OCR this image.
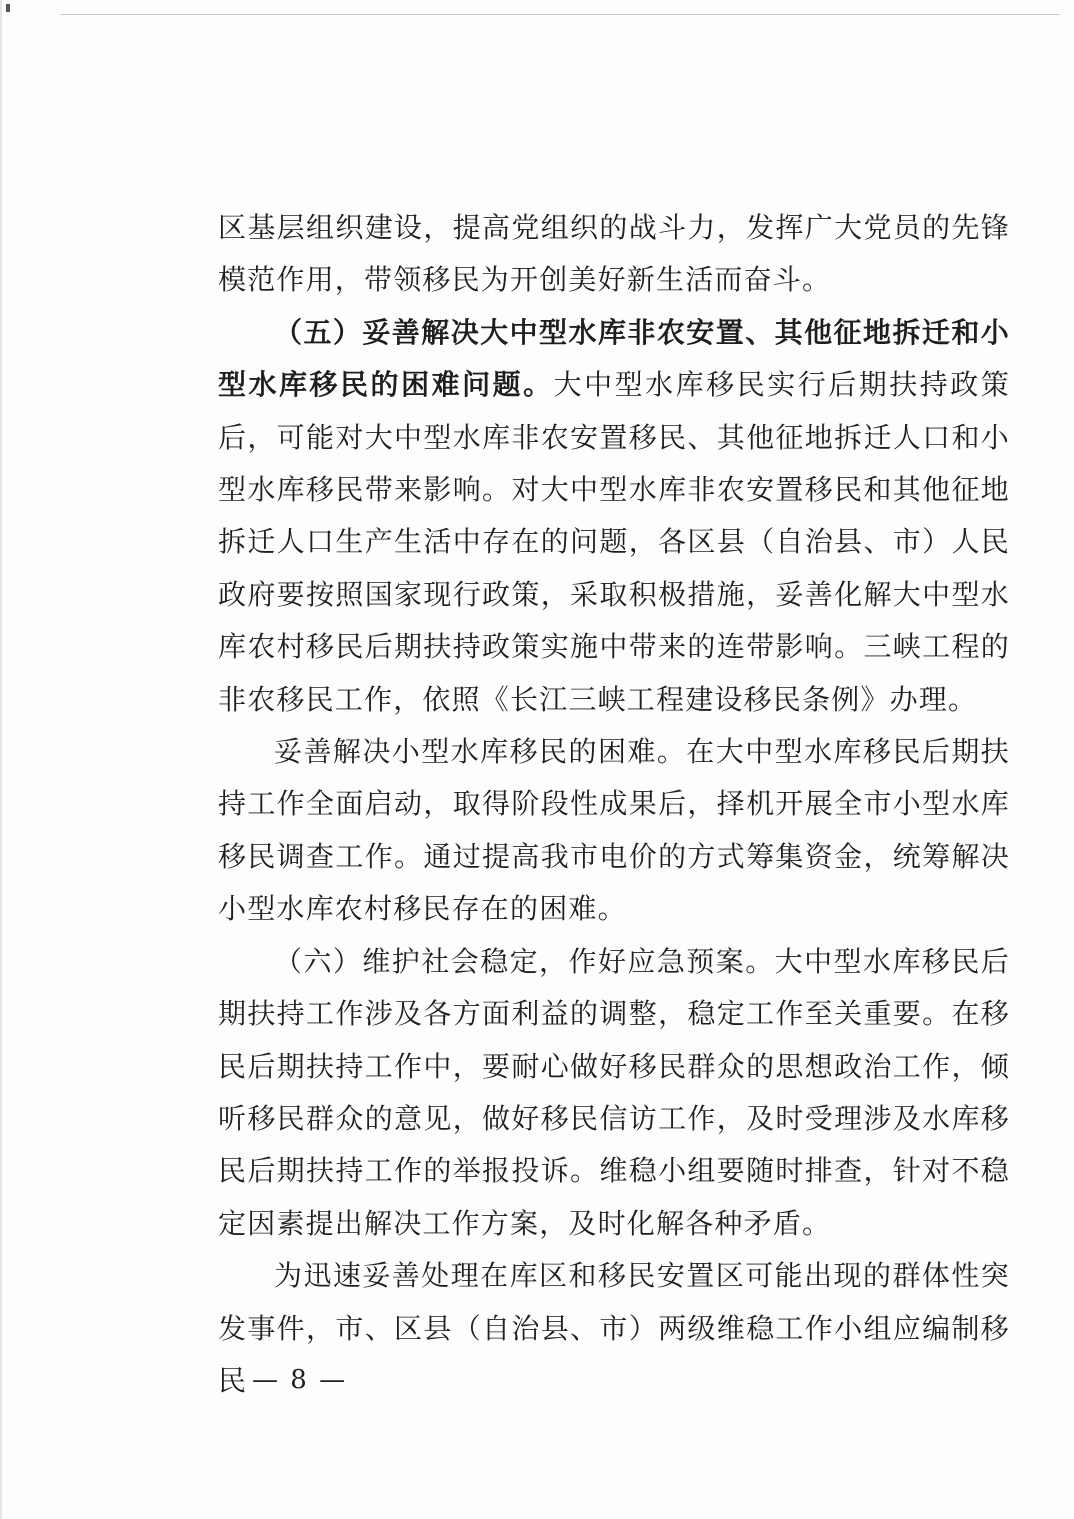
区基层组织建设，提高党组织的战斗力，发挥广大党员的先锋模范作用，带领移民为开创美好新生活而奋斗。

（五）妥善解决大中型水库非农安置、其他征地拆迁和小型水库移民的困难问题。大中型水库移民实行后期扶持政策后，可能对大中型水库非农安置移民、其他征地拆迁人口和小型水库移民带来影响。对大中型水库非农安置移民和其他征地拆迁人口生产生活中存在的问题，各区县（自治县、市）人民政府要按照国家现行政策，采取积极措施，妥善化解大中型水库农村移民后期扶持政策实施中带来的连带影响。三峡工程的非农移民工作，依照《长江三峡工程建设移民条例》办理。

妥善解决小型水库移民的困难。在大中型水库移民后期扶持工作全面启动，取得阶段性成果后，择机开展全市小型水库移民调查工作。通过提高我市电价的方式筹集资金，统筹解决小型水库农村移民存在的困难。

（六）维护社会稳定，作好应急预案。大中型水库移民后期扶持工作涉及各方面利益的调整，稳定工作至关重要。在移民后期扶持工作中，要耐心做好移民群众的思想政治工作，倾听移民群众的意见，做好移民信访工作，及时受理涉及水库移民后期扶持工作的举报投诉。维稳小组要随时排查，针对不稳定因素提出解决工作方案，及时化解各种矛盾。

为迅速妥善处理在库区和移民安置区可能出现的群体性突发事件，市、区县（自治县、市）两级维稳工作小组应编制移民 — 8 —
